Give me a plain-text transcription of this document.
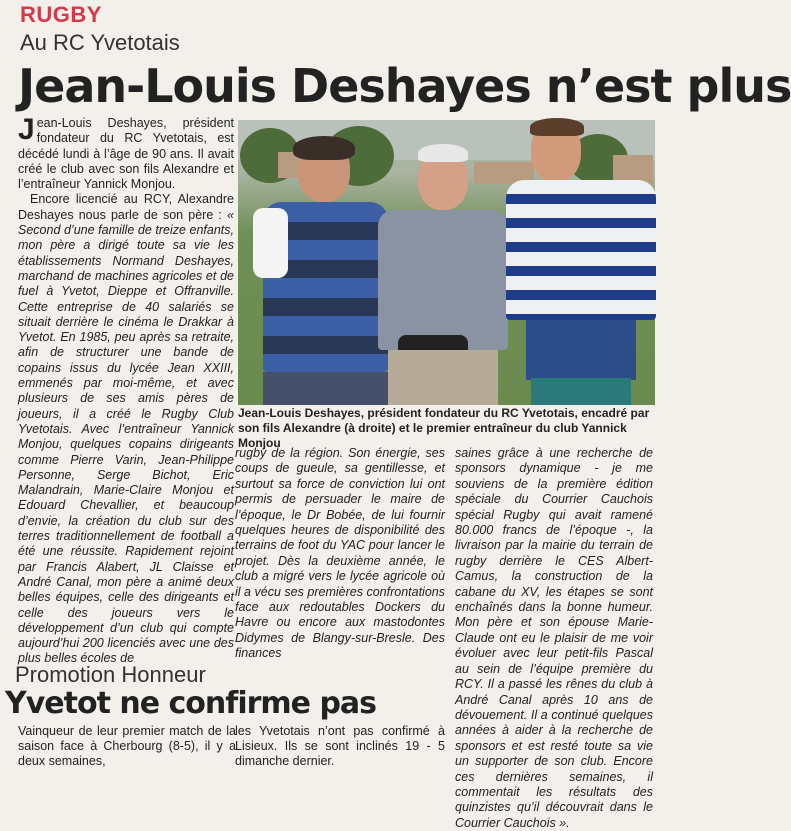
RUGBY
Au RC Yvetotais
Jean-Louis Deshayes n’est plus

Jean-Louis Deshayes, président fondateur du RC Yvetotais, est décédé lundi à l’âge de 90 ans. Il avait créé le club avec son fils Alexandre et l’entraîneur Yannick Monjou.

Encore licencié au RCY, Alexandre Deshayes nous parle de son père : « Second d’une famille de treize enfants, mon père a dirigé toute sa vie les établissements Normand Deshayes, marchand de machines agricoles et de fuel à Yvetot, Dieppe et Offranville. Cette entreprise de 40 salariés se situait derrière le cinéma le Drakkar à Yvetot. En 1985, peu après sa retraite, afin de structurer une bande de copains issus du lycée Jean XXIII, emmenés par moi-même, et avec plusieurs de ses amis pères de joueurs, il a créé le Rugby Club Yvetotais. Avec l’entraîneur Yannick Monjou, quelques copains dirigeants comme Pierre Varin, Jean-Philippe Personne, Serge Bichot, Eric Malandrain, Marie-Claire Monjou et Edouard Chevallier, et beaucoup d’envie, la création du club sur des terres traditionnellement de football a été une réussite. Rapidement rejoint par Francis Alabert, JL Claisse et André Canal, mon père a animé deux belles équipes, celle des dirigeants et celle des joueurs vers le développement d’un club qui compte aujourd’hui 200 licenciés avec une des plus belles écoles de

Jean-Louis Deshayes, président fondateur du RC Yvetotais, encadré par son fils Alexandre (à droite) et le premier entraîneur du club Yannick Monjou

rugby de la région. Son énergie, ses coups de gueule, sa gentillesse, et surtout sa force de conviction lui ont permis de persuader le maire de l’époque, le Dr Bobée, de lui fournir quelques heures de disponibilité des terrains de foot du YAC pour lancer le projet. Dès la deuxième année, le club a migré vers le lycée agricole où il a vécu ses premières confrontations face aux redoutables Dockers du Havre ou encore aux mastodontes Didymes de Blangy-sur-Bresle. Des finances

saines grâce à une recherche de sponsors dynamique - je me souviens de la première édition spéciale du Courrier Cauchois spécial Rugby qui avait ramené 80.000 francs de l’époque -, la livraison par la mairie du terrain de rugby derrière le CES Albert-Camus, la construction de la cabane du XV, les étapes se sont enchaînés dans la bonne humeur. Mon père et son épouse Marie-Claude ont eu le plaisir de me voir évoluer avec leur petit-fils Pascal au sein de l’équipe première du RCY. Il a passé les rênes du club à André Canal après 10 ans de dévouement. Il a continué quelques années à aider à la recherche de sponsors et est resté toute sa vie un supporter de son club. Encore ces dernières semaines, il commentait les résultats des quinzistes qu’il découvrait dans le Courrier Cauchois ».

Promotion Honneur
Yvetot ne confirme pas
Vainqueur de leur premier match de la saison face à Cherbourg (8-5), il y a deux semaines,
les Yvetotais n’ont pas confirmé à Lisieux. Ils se sont inclinés 19 - 5 dimanche dernier.
